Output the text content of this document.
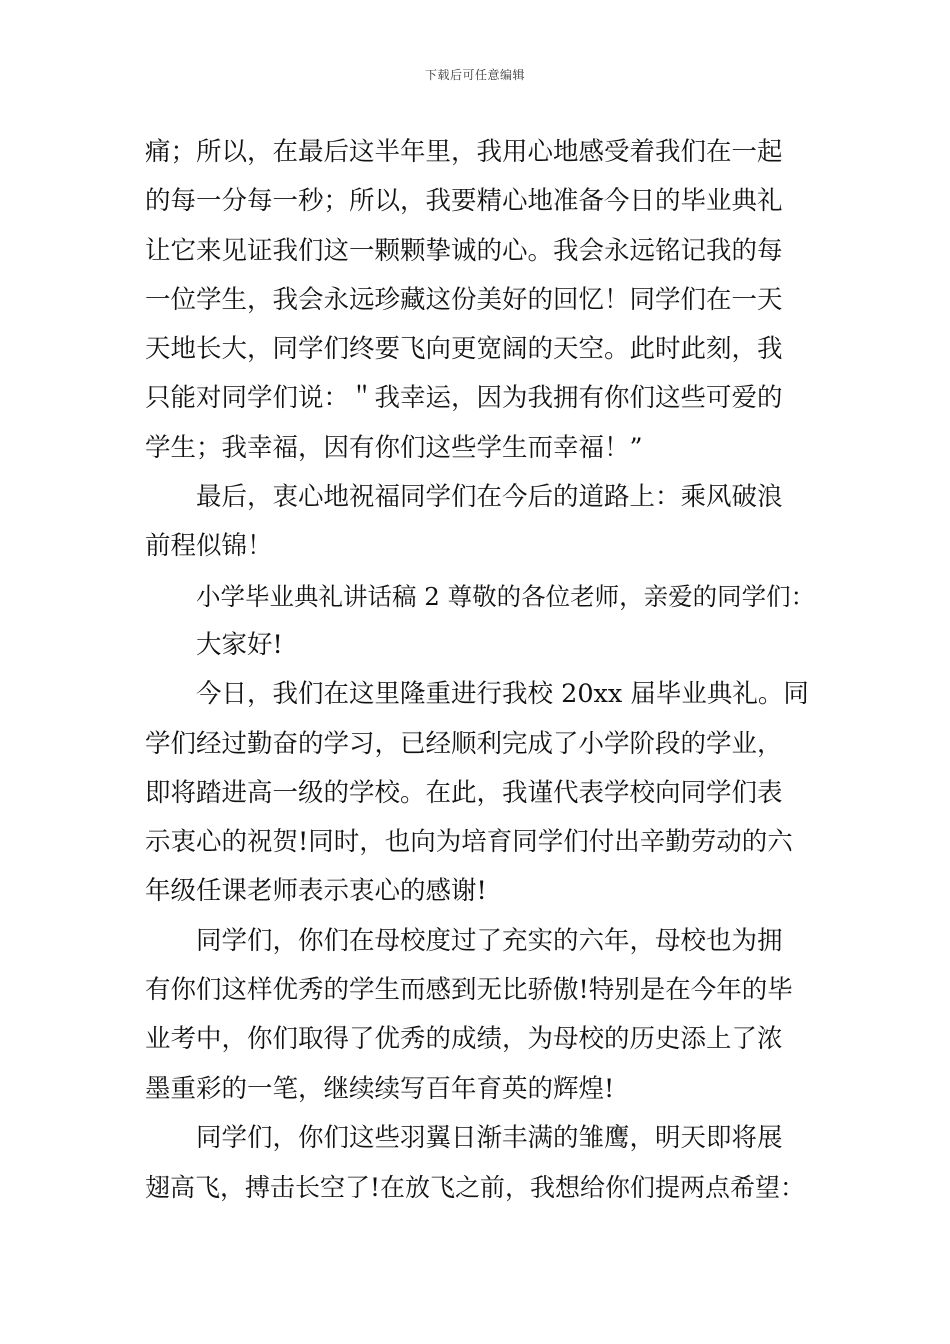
下载后可任意编辑
痛；所以，在最后这半年里，我用心地感受着我们在一起
的每一分每一秒；所以，我要精心地准备今日的毕业典礼
让它来见证我们这一颗颗挚诚的心。我会永远铭记我的每
一位学生，我会永远珍藏这份美好的回忆！同学们在一天
天地长大，同学们终要飞向更宽阔的天空。此时此刻，我
只能对同学们说：＂我幸运，因为我拥有你们这些可爱的
学生；我幸福，因有你们这些学生而幸福！”
最后，衷心地祝福同学们在今后的道路上：乘风破浪
前程似锦！
小学毕业典礼讲话稿 2 尊敬的各位老师，亲爱的同学们：
大家好!
今日，我们在这里隆重进行我校 20xx 届毕业典礼。同
学们经过勤奋的学习，已经顺利完成了小学阶段的学业，
即将踏进高一级的学校。在此，我谨代表学校向同学们表
示衷心的祝贺!同时，也向为培育同学们付出辛勤劳动的六
年级任课老师表示衷心的感谢!
同学们，你们在母校度过了充实的六年，母校也为拥
有你们这样优秀的学生而感到无比骄傲!特别是在今年的毕
业考中，你们取得了优秀的成绩，为母校的历史添上了浓
墨重彩的一笔，继续续写百年育英的辉煌!
同学们，你们这些羽翼日渐丰满的雏鹰，明天即将展
翅高飞，搏击长空了!在放飞之前，我想给你们提两点希望：
